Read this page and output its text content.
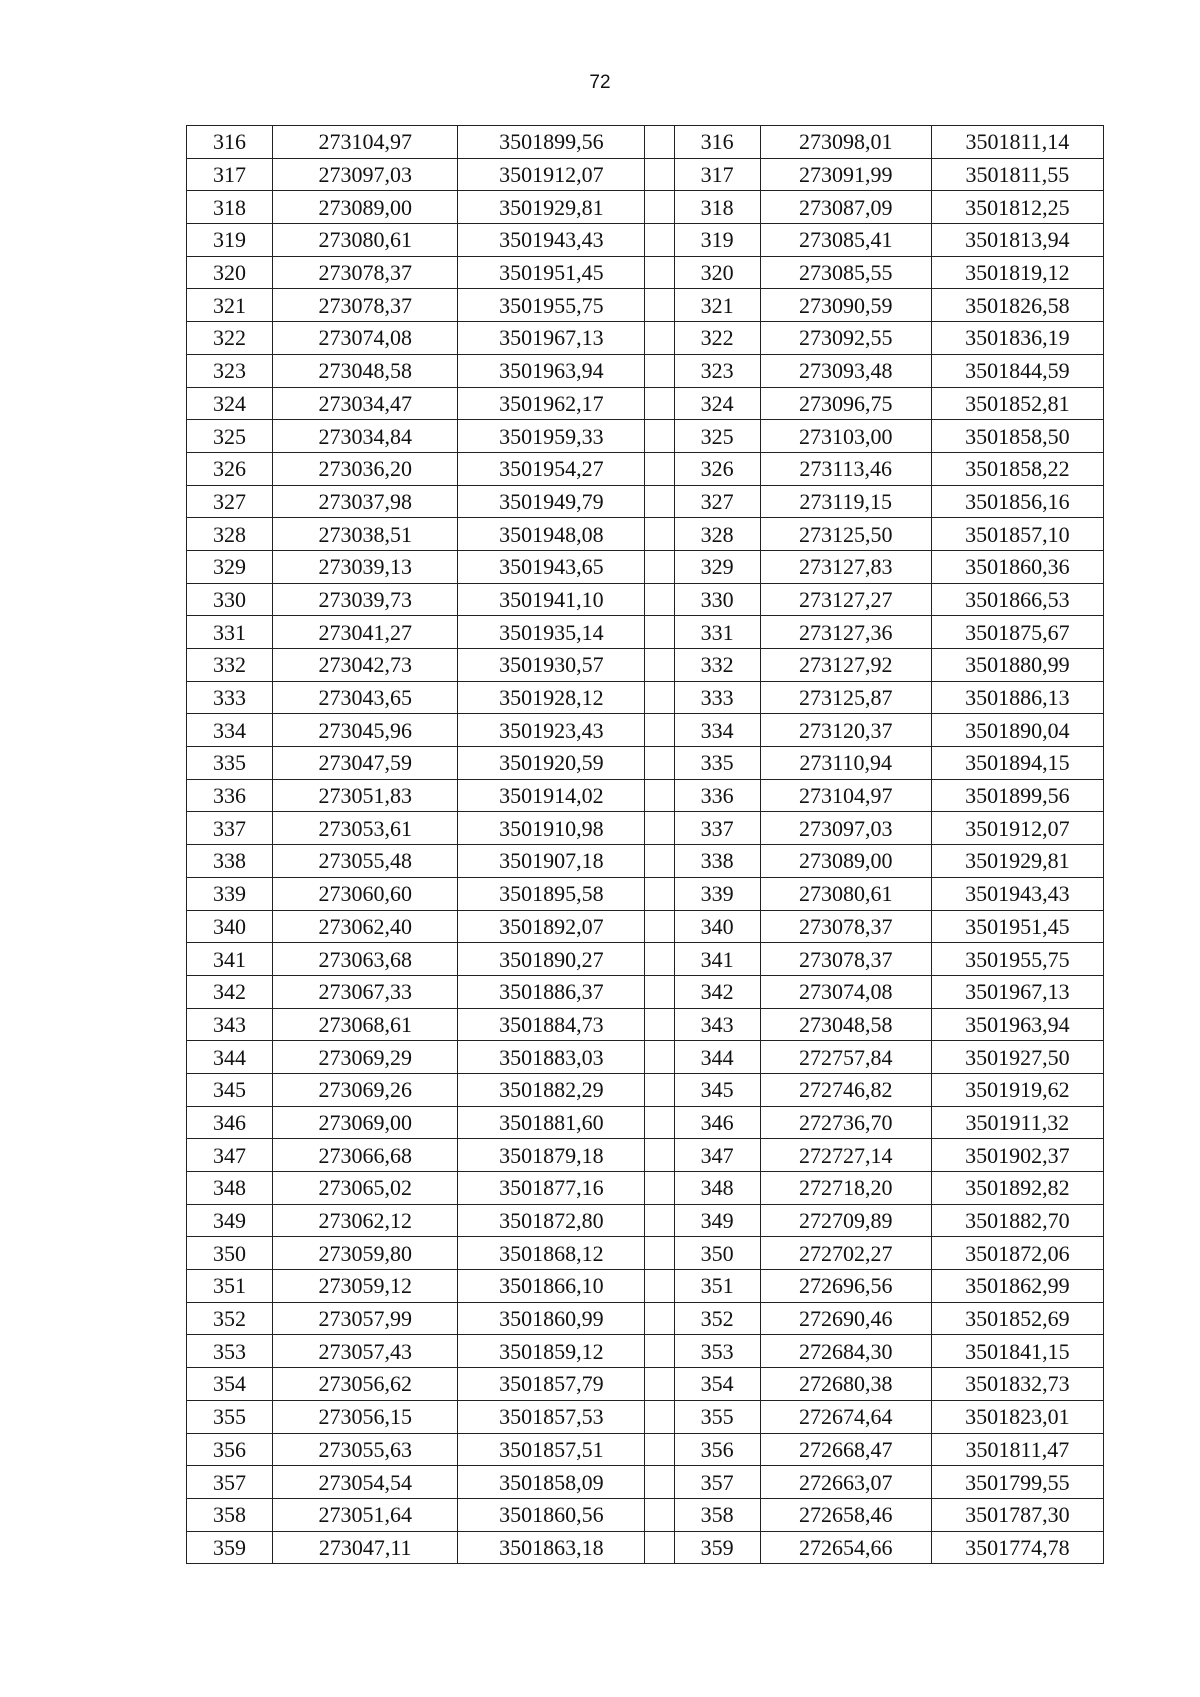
72
316	273104,97	3501899,56		316	273098,01	3501811,14
317	273097,03	3501912,07		317	273091,99	3501811,55
318	273089,00	3501929,81		318	273087,09	3501812,25
319	273080,61	3501943,43		319	273085,41	3501813,94
320	273078,37	3501951,45		320	273085,55	3501819,12
321	273078,37	3501955,75		321	273090,59	3501826,58
322	273074,08	3501967,13		322	273092,55	3501836,19
323	273048,58	3501963,94		323	273093,48	3501844,59
324	273034,47	3501962,17		324	273096,75	3501852,81
325	273034,84	3501959,33		325	273103,00	3501858,50
326	273036,20	3501954,27		326	273113,46	3501858,22
327	273037,98	3501949,79		327	273119,15	3501856,16
328	273038,51	3501948,08		328	273125,50	3501857,10
329	273039,13	3501943,65		329	273127,83	3501860,36
330	273039,73	3501941,10		330	273127,27	3501866,53
331	273041,27	3501935,14		331	273127,36	3501875,67
332	273042,73	3501930,57		332	273127,92	3501880,99
333	273043,65	3501928,12		333	273125,87	3501886,13
334	273045,96	3501923,43		334	273120,37	3501890,04
335	273047,59	3501920,59		335	273110,94	3501894,15
336	273051,83	3501914,02		336	273104,97	3501899,56
337	273053,61	3501910,98		337	273097,03	3501912,07
338	273055,48	3501907,18		338	273089,00	3501929,81
339	273060,60	3501895,58		339	273080,61	3501943,43
340	273062,40	3501892,07		340	273078,37	3501951,45
341	273063,68	3501890,27		341	273078,37	3501955,75
342	273067,33	3501886,37		342	273074,08	3501967,13
343	273068,61	3501884,73		343	273048,58	3501963,94
344	273069,29	3501883,03		344	272757,84	3501927,50
345	273069,26	3501882,29		345	272746,82	3501919,62
346	273069,00	3501881,60		346	272736,70	3501911,32
347	273066,68	3501879,18		347	272727,14	3501902,37
348	273065,02	3501877,16		348	272718,20	3501892,82
349	273062,12	3501872,80		349	272709,89	3501882,70
350	273059,80	3501868,12		350	272702,27	3501872,06
351	273059,12	3501866,10		351	272696,56	3501862,99
352	273057,99	3501860,99		352	272690,46	3501852,69
353	273057,43	3501859,12		353	272684,30	3501841,15
354	273056,62	3501857,79		354	272680,38	3501832,73
355	273056,15	3501857,53		355	272674,64	3501823,01
356	273055,63	3501857,51		356	272668,47	3501811,47
357	273054,54	3501858,09		357	272663,07	3501799,55
358	273051,64	3501860,56		358	272658,46	3501787,30
359	273047,11	3501863,18		359	272654,66	3501774,78
